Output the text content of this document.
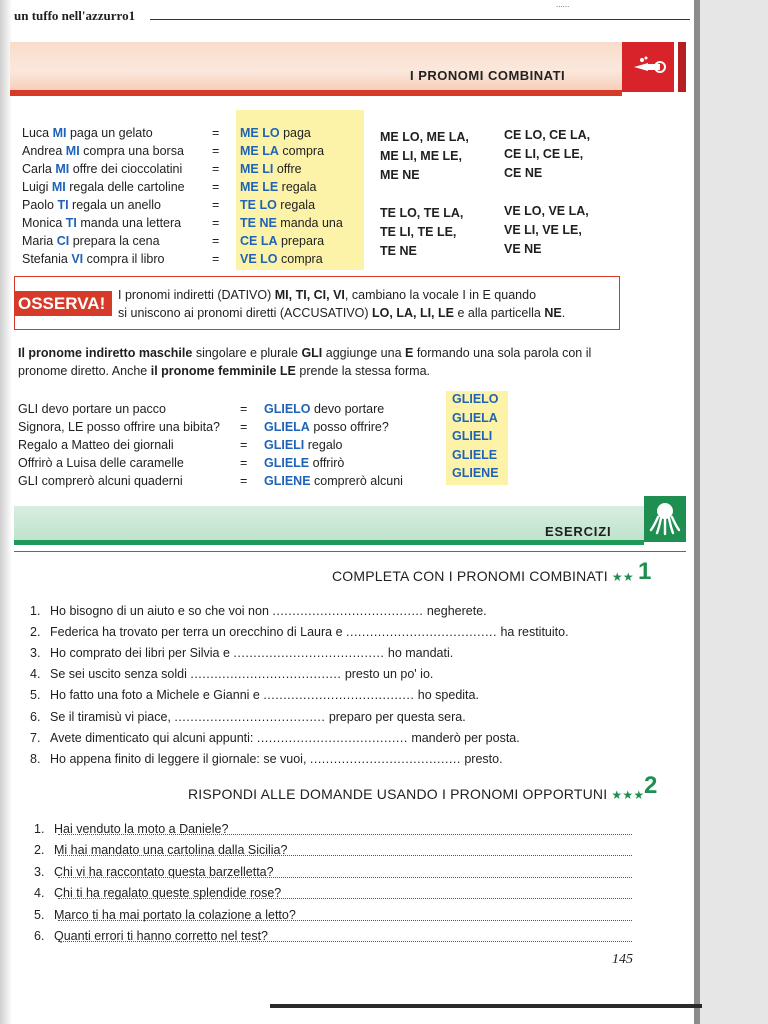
un tuffo nell'azzurro1
......
I PRONOMI COMBINATI
Luca MI paga un gelato	= ME LO paga
Andrea MI compra una borsa = ME LA compra
Carla MI offre dei cioccolatini = ME LI offre
Luigi MI regala delle cartoline = ME LE regala
Paolo TI regala un anello	= TE LO regala
Monica TI manda una lettera = TE NE manda una
Maria CI prepara la cena	= CE LA prepara
Stefania VI compra il libro	= VE LO compra
ME LO, ME LA,
ME LI, ME LE,
ME NE

TE LO, TE LA,
TE LI, TE LE,
TE NE
CE LO, CE LA,
CE LI, CE LE,
CE NE

VE LO, VE LA,
VE LI, VE LE,
VE NE
OSSERVA!	I pronomi indiretti (DATIVO) MI, TI, CI, VI, cambiano la vocale I in E quando
si uniscono ai pronomi diretti (ACCUSATIVO) LO, LA, LI, LE e alla particella NE.
Il pronome indiretto maschile singolare e plurale GLI aggiunge una E formando una sola parola con il
pronome diretto. Anche il pronome femminile LE prende la stessa forma.
GLI devo portare un pacco	= GLIELO devo portare
Signora, LE posso offrire una bibita? = GLIELA posso offrire?
Regalo a Matteo dei giornali	= GLIELI regalo
Offrirò a Luisa delle caramelle	= GLIELE offrirò
GLI comprerò alcuni quaderni	= GLIENE comprerò alcuni
GLIELO
GLIELA
GLIELI
GLIELE
GLIENE
ESERCIZI
COMPLETA CON I PRONOMI COMBINATI ★★ 1
1. Ho bisogno di un aiuto e so che voi non ...................................... negherete.
2. Federica ha trovato per terra un orecchino di Laura e ...................................... ha restituito.
3. Ho comprato dei libri per Silvia e ...................................... ho mandati.
4. Se sei uscito senza soldi ...................................... presto un po' io.
5. Ho fatto una foto a Michele e Gianni e ...................................... ho spedita.
6. Se il tiramisù vi piace, ...................................... preparo per questa sera.
7. Avete dimenticato qui alcuni appunti: ...................................... manderò per posta.
8. Ho appena finito di leggere il giornale: se vuoi, ...................................... presto.
RISPONDI ALLE DOMANDE USANDO I PRONOMI OPPORTUNI ★★★ 2
1. Hai venduto la moto a Daniele?
2. Mi hai mandato una cartolina dalla Sicilia?
3. Chi vi ha raccontato questa barzelletta?
4. Chi ti ha regalato queste splendide rose?
5. Marco ti ha mai portato la colazione a letto?
6. Quanti errori ti hanno corretto nel test?
145
